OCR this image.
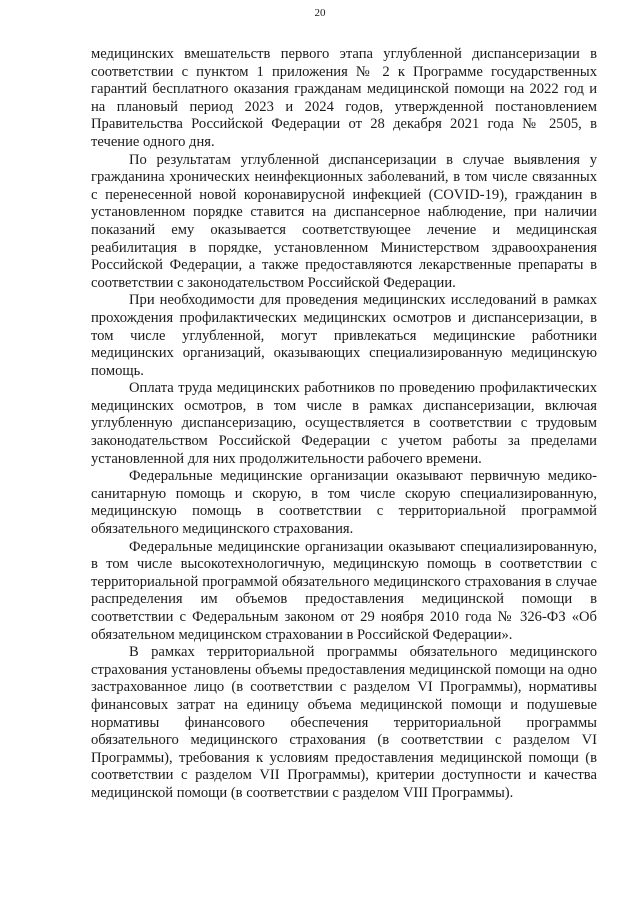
20

медицинских вмешательств первого этапа углубленной диспансеризации в соответствии с пунктом 1 приложения № 2 к Программе государственных гарантий бесплатного оказания гражданам медицинской помощи на 2022 год и на плановый период 2023 и 2024 годов, утвержденной постановлением Правительства Российской Федерации от 28 декабря 2021 года № 2505, в течение одного дня.

По результатам углубленной диспансеризации в случае выявления у гражданина хронических неинфекционных заболеваний, в том числе связанных с перенесенной новой коронавирусной инфекцией (COVID-19), гражданин в установленном порядке ставится на диспансерное наблюдение, при наличии показаний ему оказывается соответствующее лечение и медицинская реабилитация в порядке, установленном Министерством здравоохранения Российской Федерации, а также предоставляются лекарственные препараты в соответствии с законодательством Российской Федерации.

При необходимости для проведения медицинских исследований в рамках прохождения профилактических медицинских осмотров и диспансеризации, в том числе углубленной, могут привлекаться медицинские работники медицинских организаций, оказывающих специализированную медицинскую помощь.

Оплата труда медицинских работников по проведению профилактических медицинских осмотров, в том числе в рамках диспансеризации, включая углубленную диспансеризацию, осуществляется в соответствии с трудовым законодательством Российской Федерации с учетом работы за пределами установленной для них продолжительности рабочего времени.

Федеральные медицинские организации оказывают первичную медико-санитарную помощь и скорую, в том числе скорую специализированную, медицинскую помощь в соответствии с территориальной программой обязательного медицинского страхования.

Федеральные медицинские организации оказывают специализированную, в том числе высокотехнологичную, медицинскую помощь в соответствии с территориальной программой обязательного медицинского страхования в случае распределения им объемов предоставления медицинской помощи в соответствии с Федеральным законом от 29 ноября 2010 года № 326-ФЗ «Об обязательном медицинском страховании в Российской Федерации».

В рамках территориальной программы обязательного медицинского страхования установлены объемы предоставления медицинской помощи на одно застрахованное лицо (в соответствии с разделом VI Программы), нормативы финансовых затрат на единицу объема медицинской помощи и подушевые нормативы финансового обеспечения территориальной программы обязательного медицинского страхования (в соответствии с разделом VI Программы), требования к условиям предоставления медицинской помощи (в соответствии с разделом VII Программы), критерии доступности и качества медицинской помощи (в соответствии с разделом VIII Программы).
